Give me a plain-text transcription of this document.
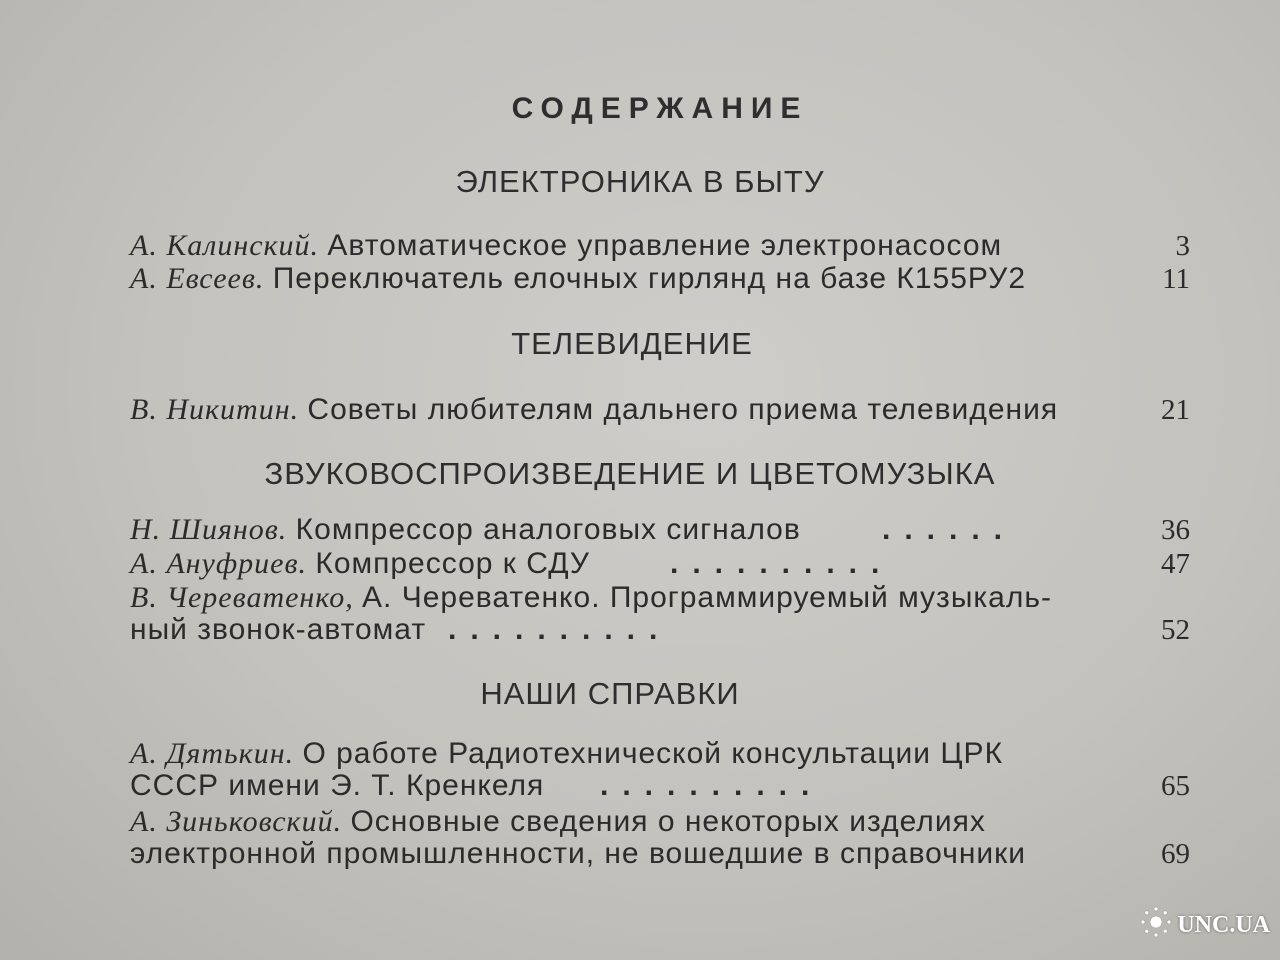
СОДЕРЖАНИЕ
ЭЛЕКТРОНИКА В БЫТУ
А. Калинский. Автоматическое управление электронасосом	3
А. Евсеев. Переключатель елочных гирлянд на базе К155РУ2	11
ТЕЛЕВИДЕНИЕ
В. Никитин. Советы любителям дальнего приема телевидения	21
ЗВУКОВОСПРОИЗВЕДЕНИЕ И ЦВЕТОМУЗЫКА
Н. Шиянов. Компрессор аналоговых сигналов	......	36
А. Ануфриев. Компрессор к СДУ	..........	47
В. Череватенко, А. Череватенко. Программируемый музыкаль-
ный звонок-автомат ..........	52
НАШИ СПРАВКИ
А. Дятькин. О работе Радиотехнической консультации ЦРК
СССР имени Э. Т. Кренкеля ..........	65
А. Зиньковский. Основные сведения о некоторых изделиях
электронной промышленности, не вошедшие в справочники	69
UNC.UA
